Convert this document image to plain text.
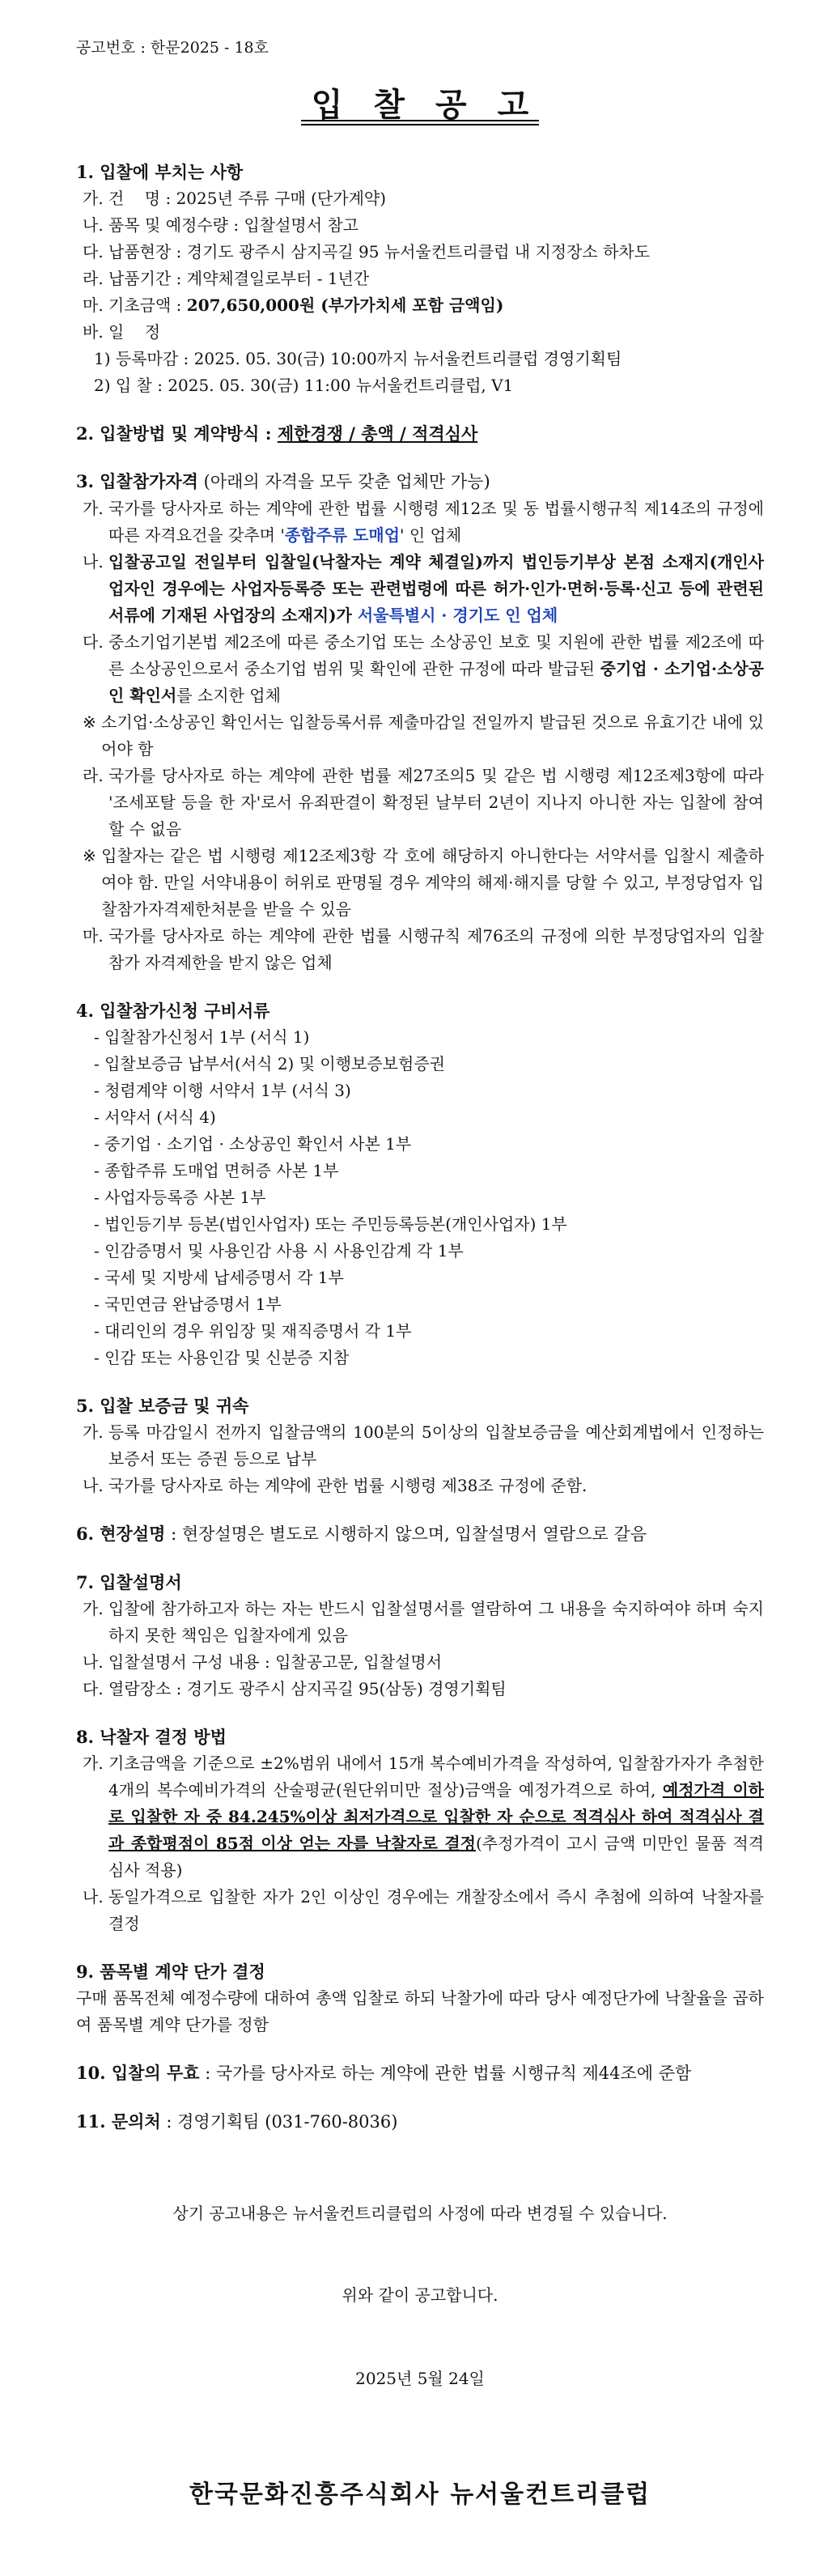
공고번호 : 한문2025 - 18호
입찰공고
1. 입찰에 부치는 사항
가. 건    명 : 2025년 주류 구매 (단가계약)
나. 품목 및 예정수량 : 입찰설명서 참고
다. 납품현장 : 경기도 광주시 삼지곡길 95 뉴서울컨트리클럽 내 지정장소 하차도
라. 납품기간 : 계약체결일로부터 - 1년간
마. 기초금액 : 207,650,000원 (부가가치세 포함 금액임)
바. 일    정
1) 등록마감 : 2025. 05. 30(금) 10:00까지 뉴서울컨트리클럽 경영기획팀
2) 입 찰 : 2025. 05. 30(금) 11:00 뉴서울컨트리클럽, V1
2. 입찰방법 및 계약방식 : 제한경쟁 / 총액 / 적격심사
3. 입찰참가자격 (아래의 자격을 모두 갖춘 업체만 가능)
가. 국가를 당사자로 하는 계약에 관한 법률 시행령 제12조 및 동 법률시행규칙 제14조의 규정에 따른 자격요건을 갖추며 '종합주류 도매업' 인 업체
나. 입찰공고일 전일부터 입찰일(낙찰자는 계약 체결일)까지 법인등기부상 본점 소재지(개인사업자인 경우에는 사업자등록증 또는 관련법령에 따른 허가·인가·면허·등록·신고 등에 관련된 서류에 기재된 사업장의 소재지)가 서울특별시 · 경기도 인 업체
다. 중소기업기본법 제2조에 따른 중소기업 또는 소상공인 보호 및 지원에 관한 법률 제2조에 따른 소상공인으로서 중소기업 범위 및 확인에 관한 규정에 따라 발급된 중기업 · 소기업·소상공인 확인서를 소지한 업체
※ 소기업·소상공인 확인서는 입찰등록서류 제출마감일 전일까지 발급된 것으로 유효기간 내에 있어야 함
라. 국가를 당사자로 하는 계약에 관한 법률 제27조의5 및 같은 법 시행령 제12조제3항에 따라 '조세포탈 등을 한 자'로서 유죄판결이 확정된 날부터 2년이 지나지 아니한 자는 입찰에 참여할 수 없음
※ 입찰자는 같은 법 시행령 제12조제3항 각 호에 해당하지 아니한다는 서약서를 입찰시 제출하여야 함. 만일 서약내용이 허위로 판명될 경우 계약의 해제·해지를 당할 수 있고, 부정당업자 입찰참가자격제한처분을 받을 수 있음
마. 국가를 당사자로 하는 계약에 관한 법률 시행규칙 제76조의 규정에 의한 부정당업자의 입찰 참가 자격제한을 받지 않은 업체
4. 입찰참가신청 구비서류
- 입찰참가신청서 1부 (서식 1)
- 입찰보증금 납부서(서식 2) 및 이행보증보험증권
- 청렴계약 이행 서약서 1부 (서식 3)
- 서약서 (서식 4)
- 중기업 · 소기업 · 소상공인 확인서 사본 1부
- 종합주류 도매업 면허증 사본 1부
- 사업자등록증 사본 1부
- 법인등기부 등본(법인사업자) 또는 주민등록등본(개인사업자) 1부
- 인감증명서 및 사용인감 사용 시 사용인감계 각 1부
- 국세 및 지방세 납세증명서 각 1부
- 국민연금 완납증명서 1부
- 대리인의 경우 위임장 및 재직증명서 각 1부
- 인감 또는 사용인감 및 신분증 지참
5. 입찰 보증금 및 귀속
가. 등록 마감일시 전까지 입찰금액의 100분의 5이상의 입찰보증금을 예산회계법에서 인정하는 보증서 또는 증권 등으로 납부
나. 국가를 당사자로 하는 계약에 관한 법률 시행령 제38조 규정에 준함.
6. 현장설명 : 현장설명은 별도로 시행하지 않으며, 입찰설명서 열람으로 갈음
7. 입찰설명서
가. 입찰에 참가하고자 하는 자는 반드시 입찰설명서를 열람하여 그 내용을 숙지하여야 하며 숙지하지 못한 책임은 입찰자에게 있음
나. 입찰설명서 구성 내용 : 입찰공고문, 입찰설명서
다. 열람장소 : 경기도 광주시 삼지곡길 95(삼동) 경영기획팀
8. 낙찰자 결정 방법
가. 기초금액을 기준으로 ±2%범위 내에서 15개 복수예비가격을 작성하여, 입찰참가자가 추첨한 4개의 복수예비가격의 산술평균(원단위미만 절상)금액을 예정가격으로 하여, 예정가격 이하로 입찰한 자 중 84.245%이상 최저가격으로 입찰한 자 순으로 적격심사 하여 적격심사 결과 종합평점이 85점 이상 얻는 자를 낙찰자로 결정(추정가격이 고시 금액 미만인 물품 적격심사 적용)
나. 동일가격으로 입찰한 자가 2인 이상인 경우에는 개찰장소에서 즉시 추첨에 의하여 낙찰자를 결정
9. 품목별 계약 단가 결정
구매 품목전체 예정수량에 대하여 총액 입찰로 하되 낙찰가에 따라 당사 예정단가에 낙찰율을 곱하여 품목별 계약 단가를 정함
10. 입찰의 무효 : 국가를 당사자로 하는 계약에 관한 법률 시행규칙 제44조에 준함
11. 문의처 : 경영기획팀 (031-760-8036)
상기 공고내용은 뉴서울컨트리클럽의 사정에 따라 변경될 수 있습니다.
위와 같이 공고합니다.
2025년 5월 24일
한국문화진흥주식회사 뉴서울컨트리클럽
